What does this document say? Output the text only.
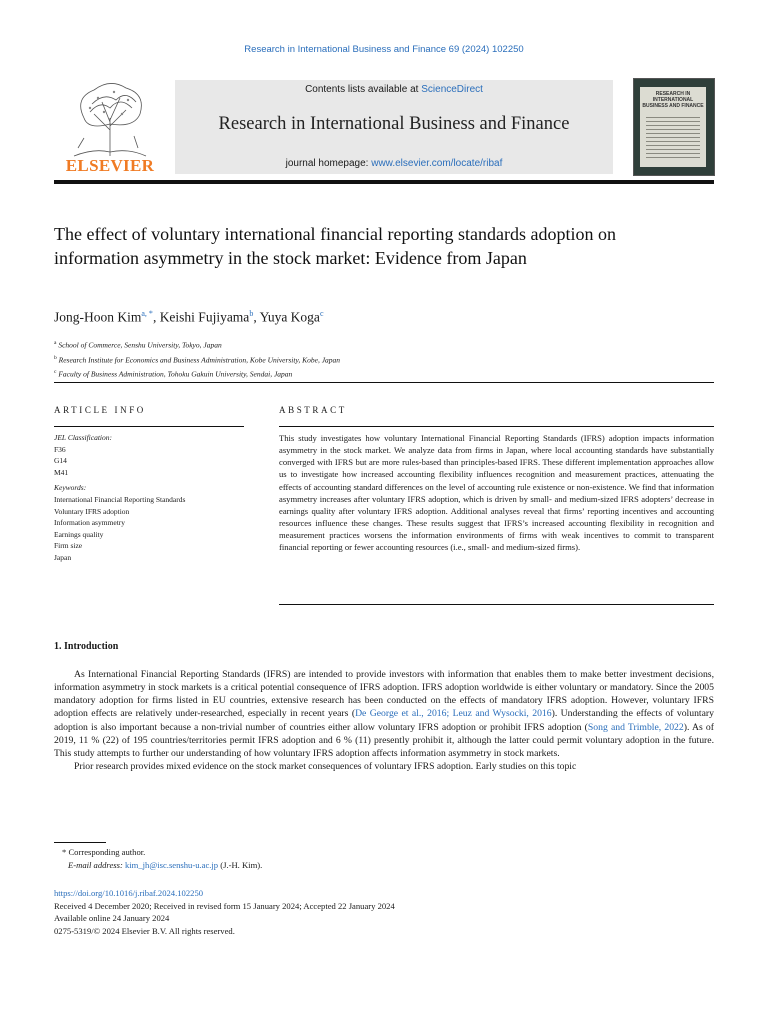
Research in International Business and Finance 69 (2024) 102250
ELSEVIER
Contents lists available at ScienceDirect
Research in International Business and Finance
journal homepage: www.elsevier.com/locate/ribaf
RESEARCH IN INTERNATIONAL BUSINESS AND FINANCE
The effect of voluntary international financial reporting standards adoption on information asymmetry in the stock market: Evidence from Japan
Jong-Hoon Kim$^{a, *}$, Keishi Fujiyama$^b$, Yuya Koga$^c$
$^a$ School of Commerce, Senshu University, Tokyo, Japan
$^b$ Research Institute for Economics and Business Administration, Kobe University, Kobe, Japan
$^c$ Faculty of Business Administration, Tohoku Gakuin University, Sendai, Japan
ARTICLE INFO
JEL Classification:
F36
G14
M41
Keywords:
International Financial Reporting Standards
Voluntary IFRS adoption
Information asymmetry
Earnings quality
Firm size
Japan
ABSTRACT
This study investigates how voluntary International Financial Reporting Standards (IFRS) adoption impacts information asymmetry in the stock market. We analyze data from firms in Japan, where local accounting standards have substantially converged with IFRS but are more rules-based than principles-based IFRS. These different implementation approaches allow us to investigate how increased accounting flexibility influences recognition and measurement practices, attenuating the effects of accounting standard differences on the level of accounting rule existence or non-existence. We find that information asymmetry increases after voluntary IFRS adoption, which is driven by small- and medium-sized IFRS adopters’ decrease in earnings quality after voluntary IFRS adoption. Additional analyses reveal that firms’ reporting incentives and accounting resources influence these changes. These results suggest that IFRS’s increased accounting flexibility in recognition and measurement practices worsens the information environments of firms with weak incentives to commit to transparent financial reporting or fewer accounting resources (i.e., small- and medium-sized firms).
1. Introduction

As International Financial Reporting Standards (IFRS) are intended to provide investors with information that enables them to make better investment decisions, information asymmetry in stock markets is a critical potential consequence of IFRS adoption. IFRS adoption worldwide is either voluntary or mandatory. Since the 2005 mandatory adoption for firms listed in EU countries, extensive research has been conducted on the effects of mandatory IFRS adoption. However, voluntary IFRS adoption effects are relatively under-researched, especially in recent years (De George et al., 2016; Leuz and Wysocki, 2016). Understanding the effects of voluntary adoption is also important because a non-trivial number of countries either allow voluntary IFRS adoption or prohibit IFRS adoption (Song and Trimble, 2022). As of 2019, 11 % (22) of 195 countries/territories permit IFRS adoption and 6 % (11) presently prohibit it, although the latter could permit voluntary adoption in the future. This study attempts to further our understanding of how voluntary IFRS adoption affects information asymmetry in stock markets.

Prior research provides mixed evidence on the stock market consequences of voluntary IFRS adoption. Early studies on this topic

* Corresponding author.
E-mail address: kim_jh@isc.senshu-u.ac.jp (J.-H. Kim).
https://doi.org/10.1016/j.ribaf.2024.102250
Received 4 December 2020; Received in revised form 15 January 2024; Accepted 22 January 2024
Available online 24 January 2024
0275-5319/© 2024 Elsevier B.V. All rights reserved.
